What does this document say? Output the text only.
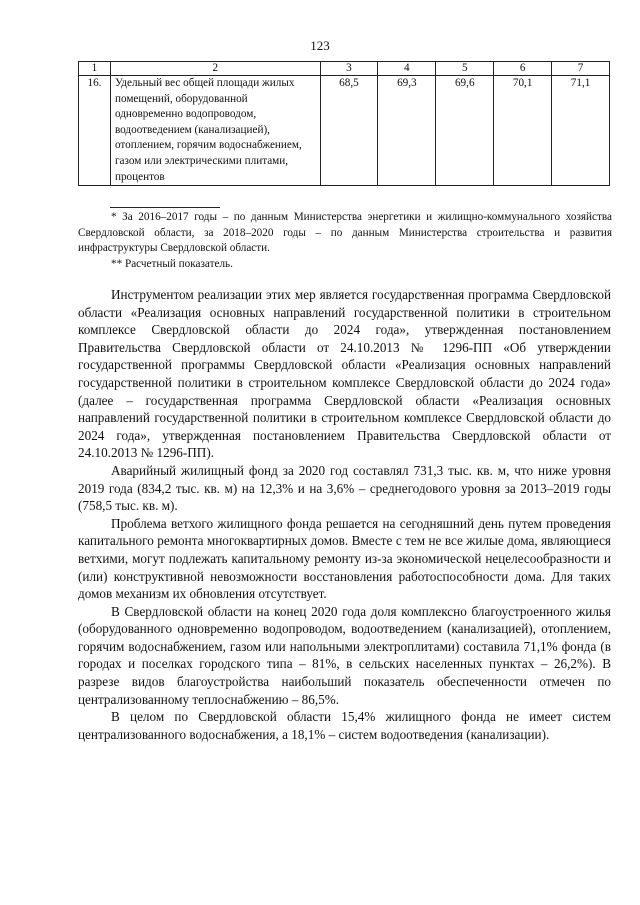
123
1	2	3	4	5	6	7
16.	Удельный вес общей площади жилых помещений, оборудованной одновременно водопроводом, водоотведением (канализацией), отоплением, горячим водоснабжением, газом или электрическими плитами, процентов	68,5	69,3	69,6	70,1	71,1

* За 2016–2017 годы – по данным Министерства энергетики и жилищно-коммунального хозяйства Свердловской области, за 2018–2020 годы – по данным Министерства строительства и развития инфраструктуры Свердловской области.

** Расчетный показатель.

Инструментом реализации этих мер является государственная программа Свердловской области «Реализация основных направлений государственной политики в строительном комплексе Свердловской области до 2024 года», утвержденная постановлением Правительства Свердловской области от 24.10.2013 № 1296-ПП «Об утверждении государственной программы Свердловской области «Реализация основных направлений государственной политики в строительном комплексе Свердловской области до 2024 года» (далее – государственная программа Свердловской области «Реализация основных направлений государственной политики в строительном комплексе Свердловской области до 2024 года», утвержденная постановлением Правительства Свердловской области от 24.10.2013 № 1296-ПП).

Аварийный жилищный фонд за 2020 год составлял 731,3 тыс. кв. м, что ниже уровня 2019 года (834,2 тыс. кв. м) на 12,3% и на 3,6% – среднегодового уровня за 2013–2019 годы (758,5 тыс. кв. м).

Проблема ветхого жилищного фонда решается на сегодняшний день путем проведения капитального ремонта многоквартирных домов. Вместе с тем не все жилые дома, являющиеся ветхими, могут подлежать капитальному ремонту из-за экономической нецелесообразности и (или) конструктивной невозможности восстановления работоспособности дома. Для таких домов механизм их обновления отсутствует.

В Свердловской области на конец 2020 года доля комплексно благоустроенного жилья (оборудованного одновременно водопроводом, водоотведением (канализацией), отоплением, горячим водоснабжением, газом или напольными электроплитами) составила 71,1% фонда (в городах и поселках городского типа – 81%, в сельских населенных пунктах – 26,2%). В разрезе видов благоустройства наибольший показатель обеспеченности отмечен по централизованному теплоснабжению – 86,5%.

В целом по Свердловской области 15,4% жилищного фонда не имеет систем централизованного водоснабжения, а 18,1% – систем водоотведения (канализации).
